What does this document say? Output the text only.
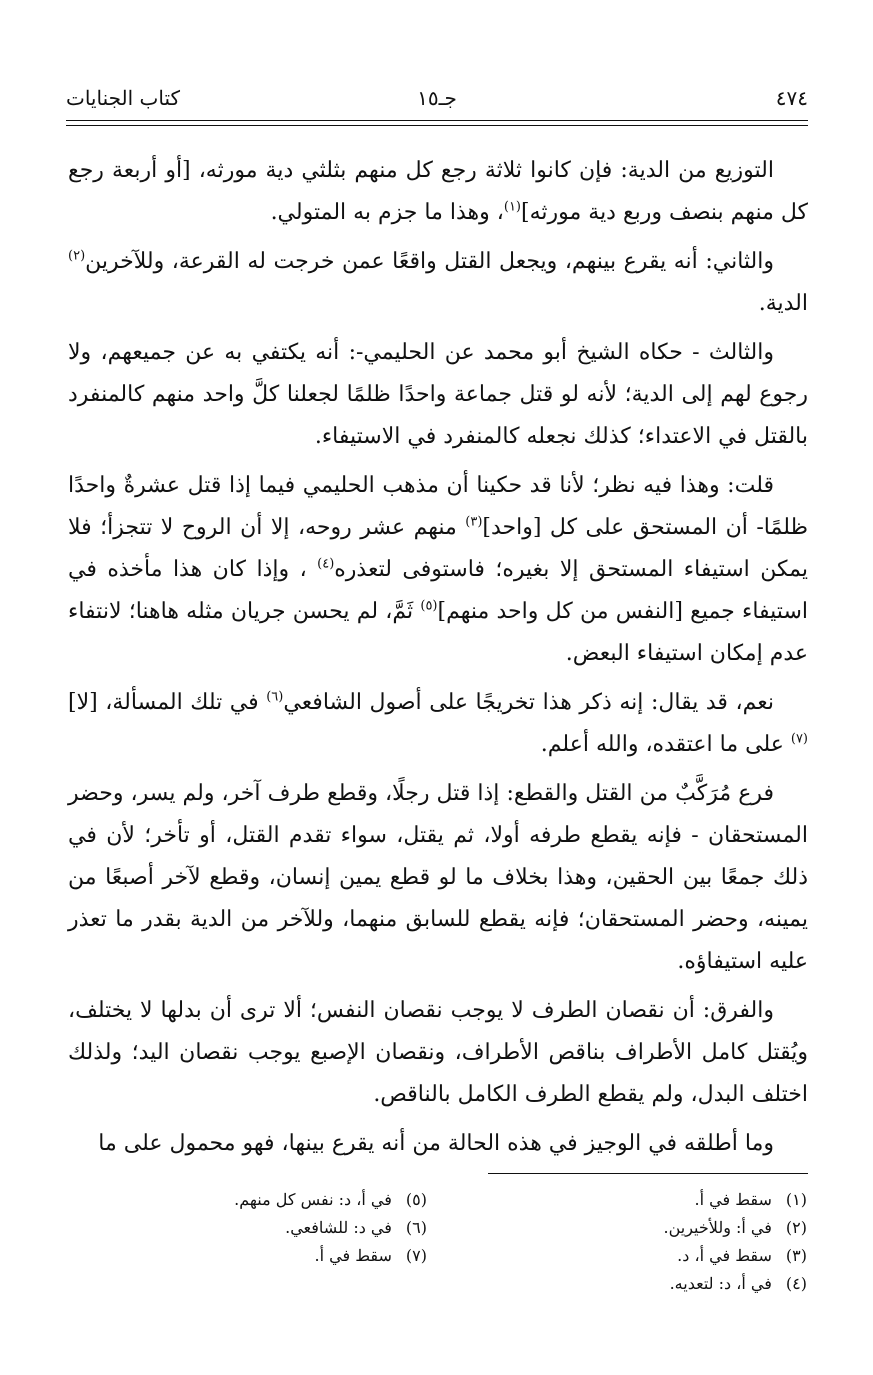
٤٧٤
جـ١٥
كتاب الجنايات

التوزيع من الدية: فإن كانوا ثلاثة رجع كل منهم بثلثي دية مورثه، [أو أربعة رجع كل منهم بنصف وربع دية مورثه]$^{(١)}$، وهذا ما جزم به المتولي.

والثاني: أنه يقرع بينهم، ويجعل القتل واقعًا عمن خرجت له القرعة، وللآخرين$^{(٢)}$ الدية.

والثالث - حكاه الشيخ أبو محمد عن الحليمي-: أنه يكتفي به عن جميعهم، ولا رجوع لهم إلى الدية؛ لأنه لو قتل جماعة واحدًا ظلمًا لجعلنا كلَّ واحد منهم كالمنفرد بالقتل في الاعتداء؛ كذلك نجعله كالمنفرد في الاستيفاء.

قلت: وهذا فيه نظر؛ لأنا قد حكينا أن مذهب الحليمي فيما إذا قتل عشرةٌ واحدًا ظلمًا- أن المستحق على كل [واحد]$^{(٣)}$ منهم عشر روحه، إلا أن الروح لا تتجزأ؛ فلا يمكن استيفاء المستحق إلا بغيره؛ فاستوفى لتعذره$^{(٤)}$ ، وإذا كان هذا مأخذه في استيفاء جميع [النفس من كل واحد منهم]$^{(٥)}$ ثَمَّ، لم يحسن جريان مثله هاهنا؛ لانتفاء عدم إمكان استيفاء البعض.

نعم، قد يقال: إنه ذكر هذا تخريجًا على أصول الشافعي$^{(٦)}$ في تلك المسألة، [لا]$^{(٧)}$ على ما اعتقده، والله أعلم.

فرع مُرَكَّبٌ من القتل والقطع: إذا قتل رجلًا، وقطع طرف آخر، ولم يسر، وحضر المستحقان - فإنه يقطع طرفه أولا، ثم يقتل، سواء تقدم القتل، أو تأخر؛ لأن في ذلك جمعًا بين الحقين، وهذا بخلاف ما لو قطع يمين إنسان، وقطع لآخر أصبعًا من يمينه، وحضر المستحقان؛ فإنه يقطع للسابق منهما، وللآخر من الدية بقدر ما تعذر عليه استيفاؤه.

والفرق: أن نقصان الطرف لا يوجب نقصان النفس؛ ألا ترى أن بدلها لا يختلف، ويُقتل كامل الأطراف بناقص الأطراف، ونقصان الإصبع يوجب نقصان اليد؛ ولذلك اختلف البدل، ولم يقطع الطرف الكامل بالناقص.

وما أطلقه في الوجيز في هذه الحالة من أنه يقرع بينها، فهو محمول على ما

(١) سقط في أ.
(٢) في أ: وللأخيرين.
(٣) سقط في أ، د.
(٤) في أ، د: لتعديه.
(٥) في أ، د: نفس كل منهم.
(٦) في د: للشافعي.
(٧) سقط في أ.
